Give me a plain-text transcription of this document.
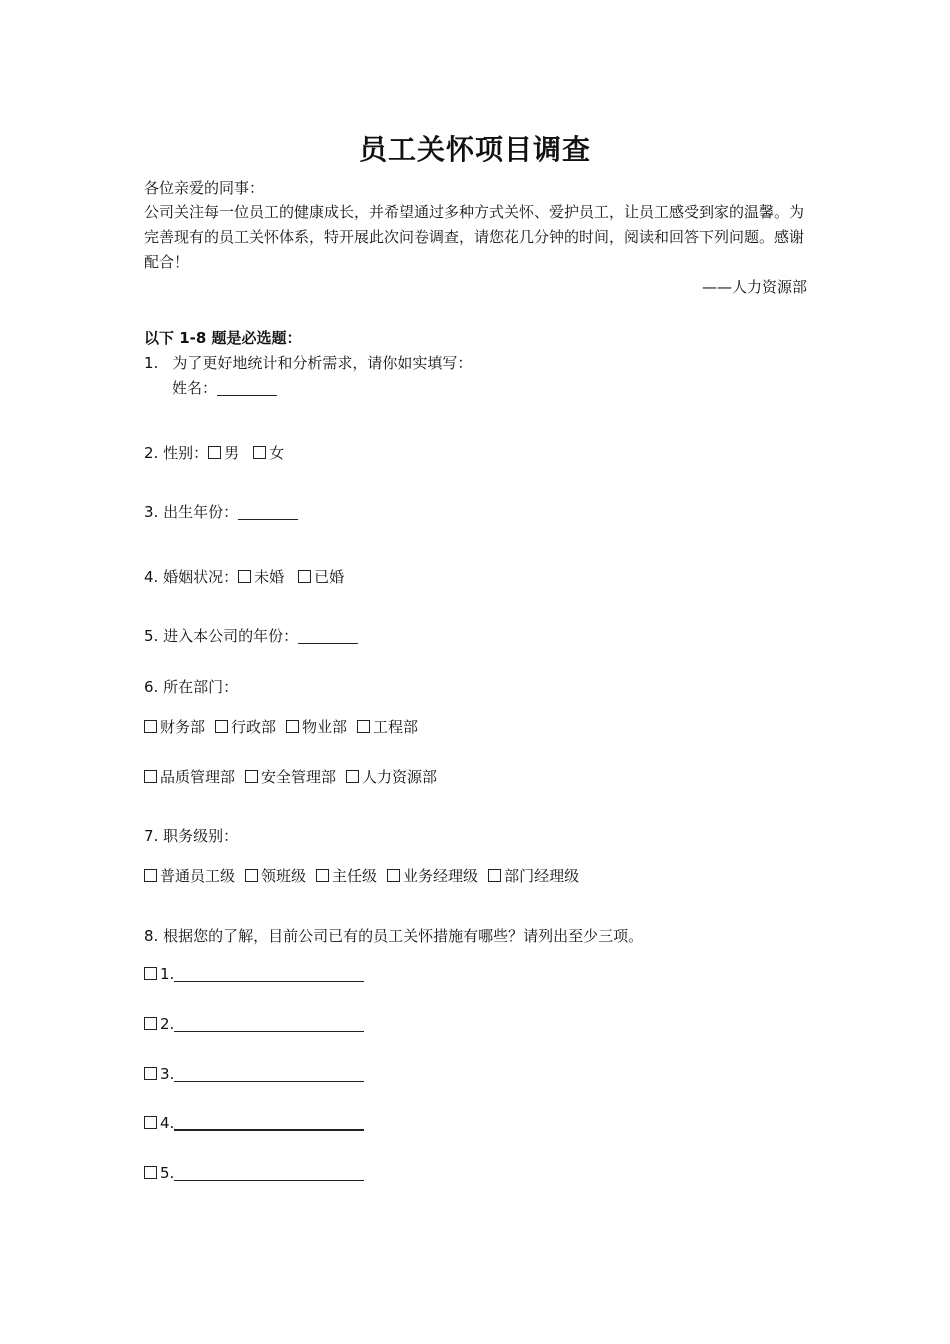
员工关怀项目调查
各位亲爱的同事：
公司关注每一位员工的健康成长，并希望通过多种方式关怀、爱护员工，让员工感受到家的温馨。为完善现有的员工关怀体系，特开展此次问卷调查，请您花几分钟的时间，阅读和回答下列问题。感谢配合！
——人力资源部
以下 1-8 题是必选题：
1. 为了更好地统计和分析需求，请你如实填写：
姓名：
2. 性别： 男 女
3. 出生年份：
4. 婚姻状况： 未婚 已婚
5. 进入本公司的年份：
6. 所在部门：
财务部 行政部 物业部 工程部
品质管理部 安全管理部 人力资源部
7. 职务级别：
普通员工级 领班级 主任级 业务经理级 部门经理级
8. 根据您的了解，目前公司已有的员工关怀措施有哪些？请列出至少三项。
1.
2.
3.
4.
5.
